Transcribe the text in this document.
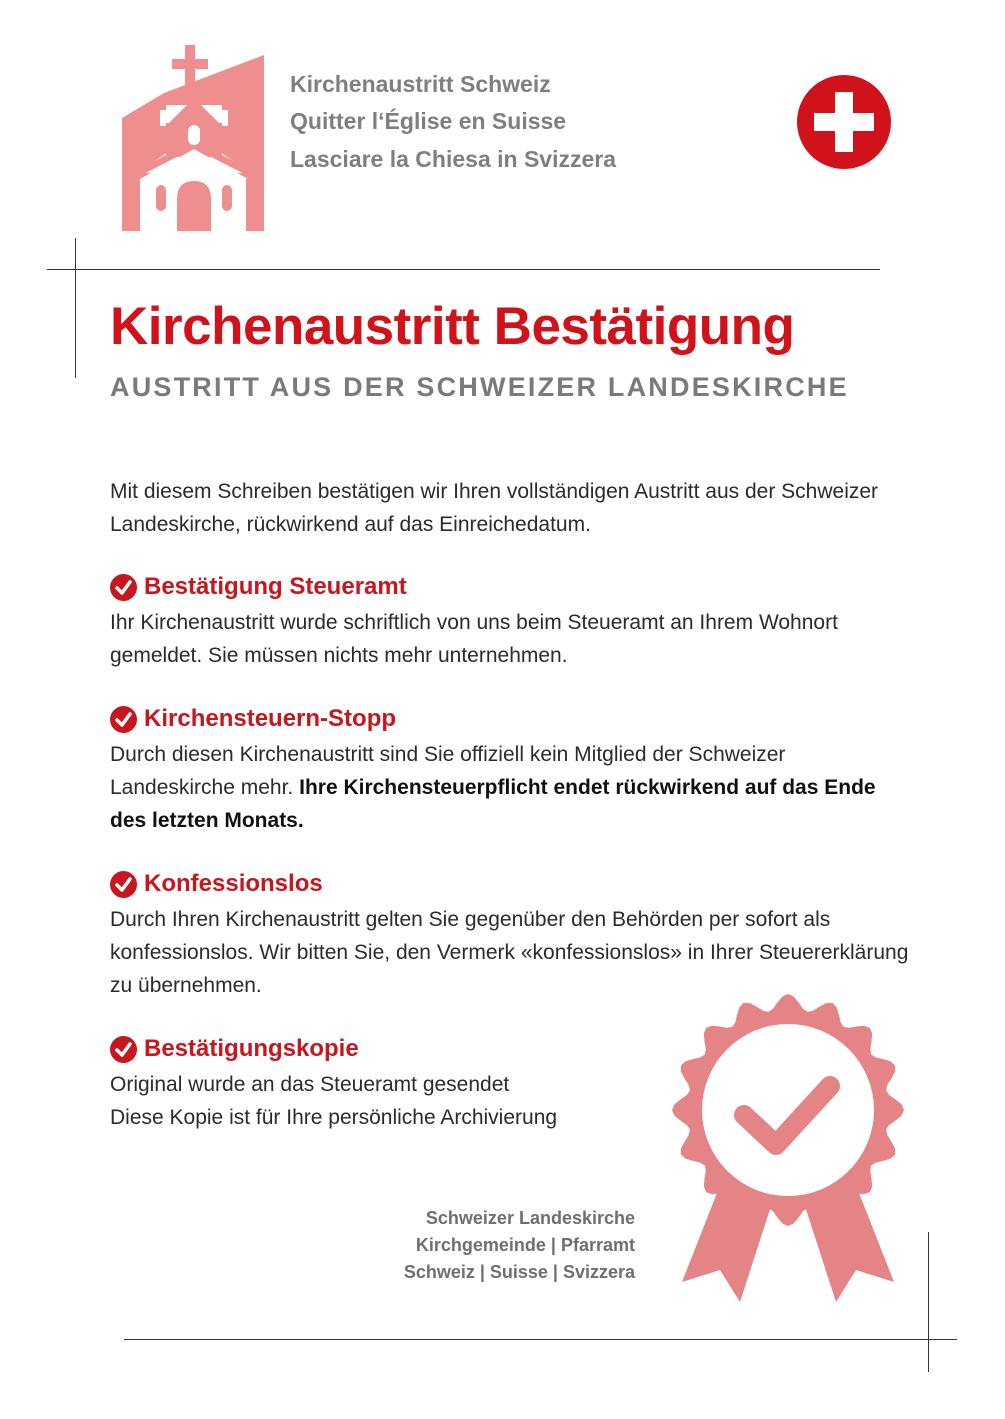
Kirchenaustritt Schweiz
Quitter l‘Église en Suisse
Lasciare la Chiesa in Svizzera
Kirchenaustritt Bestätigung
AUSTRITT AUS DER SCHWEIZER LANDESKIRCHE
Mit diesem Schreiben bestätigen wir Ihren vollständigen Austritt aus der Schweizer Landeskirche, rückwirkend auf das Einreichedatum.
Bestätigung Steueramt
Ihr Kirchenaustritt wurde schriftlich von uns beim Steueramt an Ihrem Wohnort gemeldet. Sie müssen nichts mehr unternehmen.
Kirchensteuern-Stopp
Durch diesen Kirchenaustritt sind Sie offiziell kein Mitglied der Schweizer Landeskirche mehr. Ihre Kirchensteuerpflicht endet rückwirkend auf das Ende des letzten Monats.
Konfessionslos
Durch Ihren Kirchenaustritt gelten Sie gegenüber den Behörden per sofort als konfessionslos. Wir bitten Sie, den Vermerk «konfessionslos» in Ihrer Steuererklärung zu übernehmen.
Bestätigungskopie
Original wurde an das Steueramt gesendet
Diese Kopie ist für Ihre persönliche Archivierung
Schweizer Landeskirche
Kirchgemeinde | Pfarramt
Schweiz | Suisse | Svizzera
